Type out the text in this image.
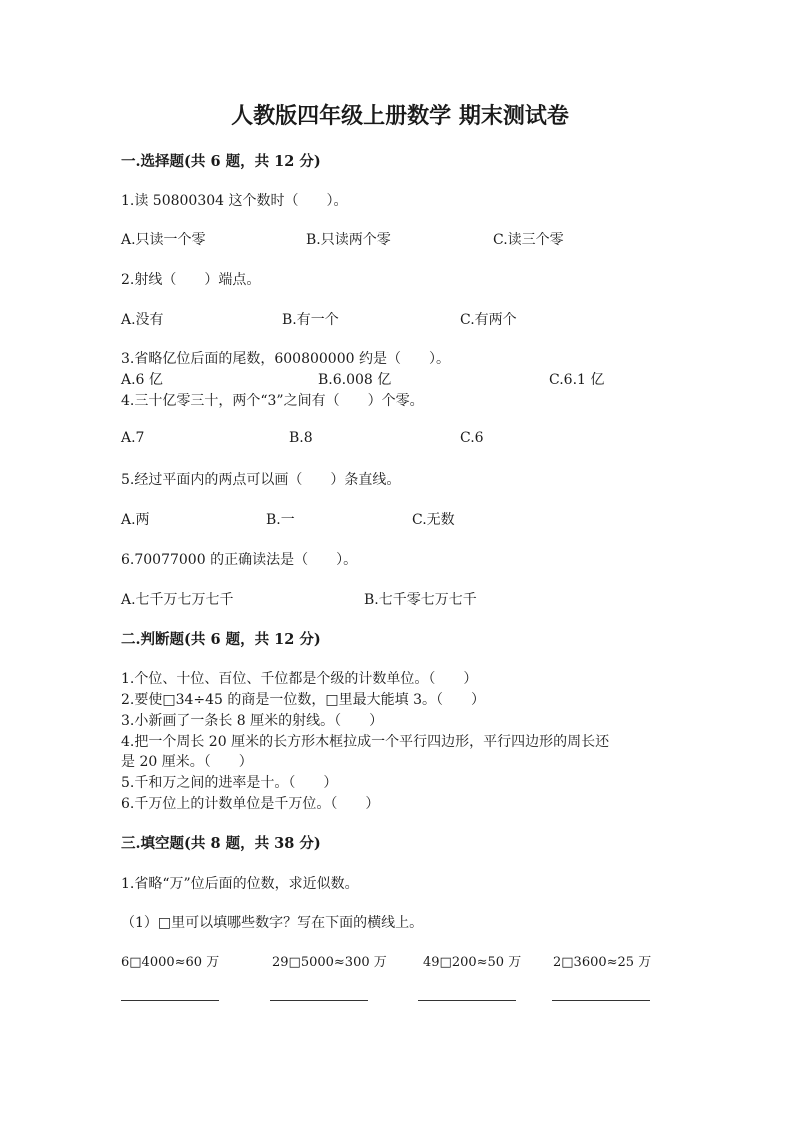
人教版四年级上册数学 期末测试卷
一.选择题(共 6 题，共 12 分)
1.读 50800304 这个数时（　　）。
A.只读一个零	B.只读两个零	C.读三个零
2.射线（　　）端点。
A.没有	B.有一个	C.有两个
3.省略亿位后面的尾数，600800000 约是（　　）。
A.6 亿	B.6.008 亿	C.6.1 亿
4.三十亿零三十，两个“3”之间有（　　）个零。
A.7	B.8	C.6
5.经过平面内的两点可以画（　　）条直线。
A.两	B.一	C.无数
6.70077000 的正确读法是（　　）。
A.七千万七万七千	B.七千零七万七千
二.判断题(共 6 题，共 12 分)
1.个位、十位、百位、千位都是个级的计数单位。（　　）
2.要使□34÷45 的商是一位数，□里最大能填 3。（　　）
3.小新画了一条长 8 厘米的射线。（　　）
4.把一个周长 20 厘米的长方形木框拉成一个平行四边形，平行四边形的周长还
是 20 厘米。（　　）
5.千和万之间的进率是十。（　　）
6.千万位上的计数单位是千万位。（　　）
三.填空题(共 8 题，共 38 分)
1.省略“万”位后面的位数，求近似数。
（1）□里可以填哪些数字？写在下面的横线上。
6□4000≈60 万	29□5000≈300 万	49□200≈50 万 2□3600≈25 万
